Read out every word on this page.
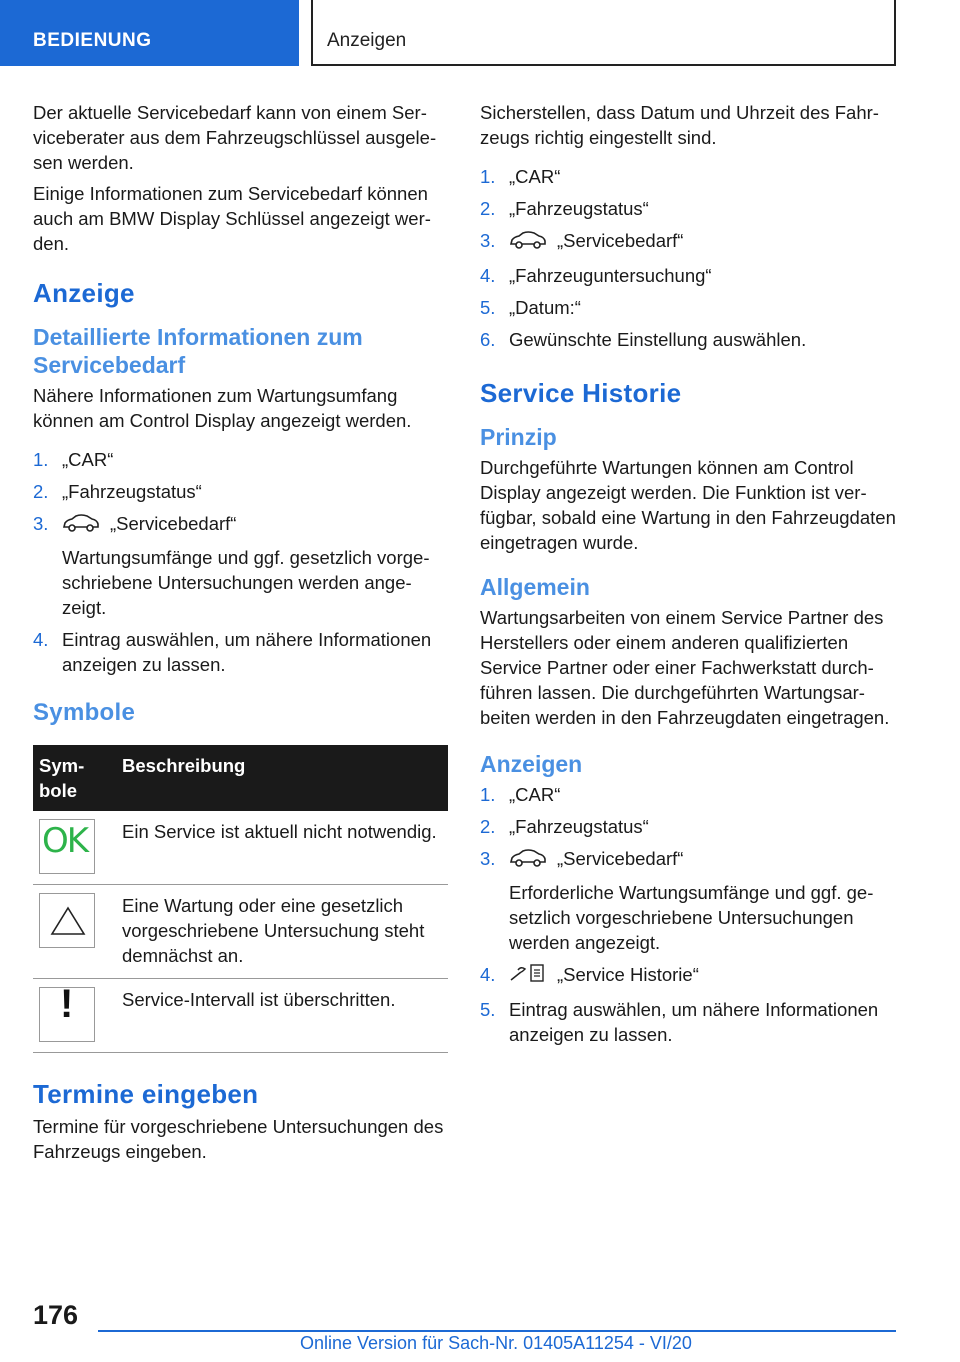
BEDIENUNG	Anzeigen

Der aktuelle Servicebedarf kann von einem Serviceberater aus dem Fahrzeugschlüssel ausgelesen werden.

Einige Informationen zum Servicebedarf können auch am BMW Display Schlüssel angezeigt werden.

Anzeige
Detaillierte Informationen zum Servicebedarf

Nähere Informationen zum Wartungsumfang können am Control Display angezeigt werden.

1. „CAR“
2. „Fahrzeugstatus“
3.	„Servicebedarf“
Wartungsumfänge und ggf. gesetzlich vorgeschriebene Untersuchungen werden angezeigt.
4. Eintrag auswählen, um nähere Informationen anzeigen zu lassen.
Symbole
Symbole	Beschreibung

OK	Ein Service ist aktuell nicht notwendig.

	Eine Wartung oder eine gesetzlich vorgeschriebene Untersuchung steht demnächst an.

!	Service-Intervall ist überschritten.
Termine eingeben

Termine für vorgeschriebene Untersuchungen des Fahrzeugs eingeben.

Sicherstellen, dass Datum und Uhrzeit des Fahrzeugs richtig eingestellt sind.

1. „CAR“
2. „Fahrzeugstatus“
3.	„Servicebedarf“
4. „Fahrzeuguntersuchung“
5. „Datum:“
6. Gewünschte Einstellung auswählen.
Service Historie
Prinzip

Durchgeführte Wartungen können am Control Display angezeigt werden. Die Funktion ist verfügbar, sobald eine Wartung in den Fahrzeugdaten eingetragen wurde.

Allgemein

Wartungsarbeiten von einem Service Partner des Herstellers oder einem anderen qualifizierten Service Partner oder einer Fachwerkstatt durchführen lassen. Die durchgeführten Wartungsarbeiten werden in den Fahrzeugdaten eingetragen.

Anzeigen
1. „CAR“
2. „Fahrzeugstatus“
3.	„Servicebedarf“
Erforderliche Wartungsumfänge und ggf. gesetzlich vorgeschriebene Untersuchungen werden angezeigt.
4.	„Service Historie“
5. Eintrag auswählen, um nähere Informationen anzeigen zu lassen.
176
Online Version für Sach-Nr. 01405A11254 - VI/20
